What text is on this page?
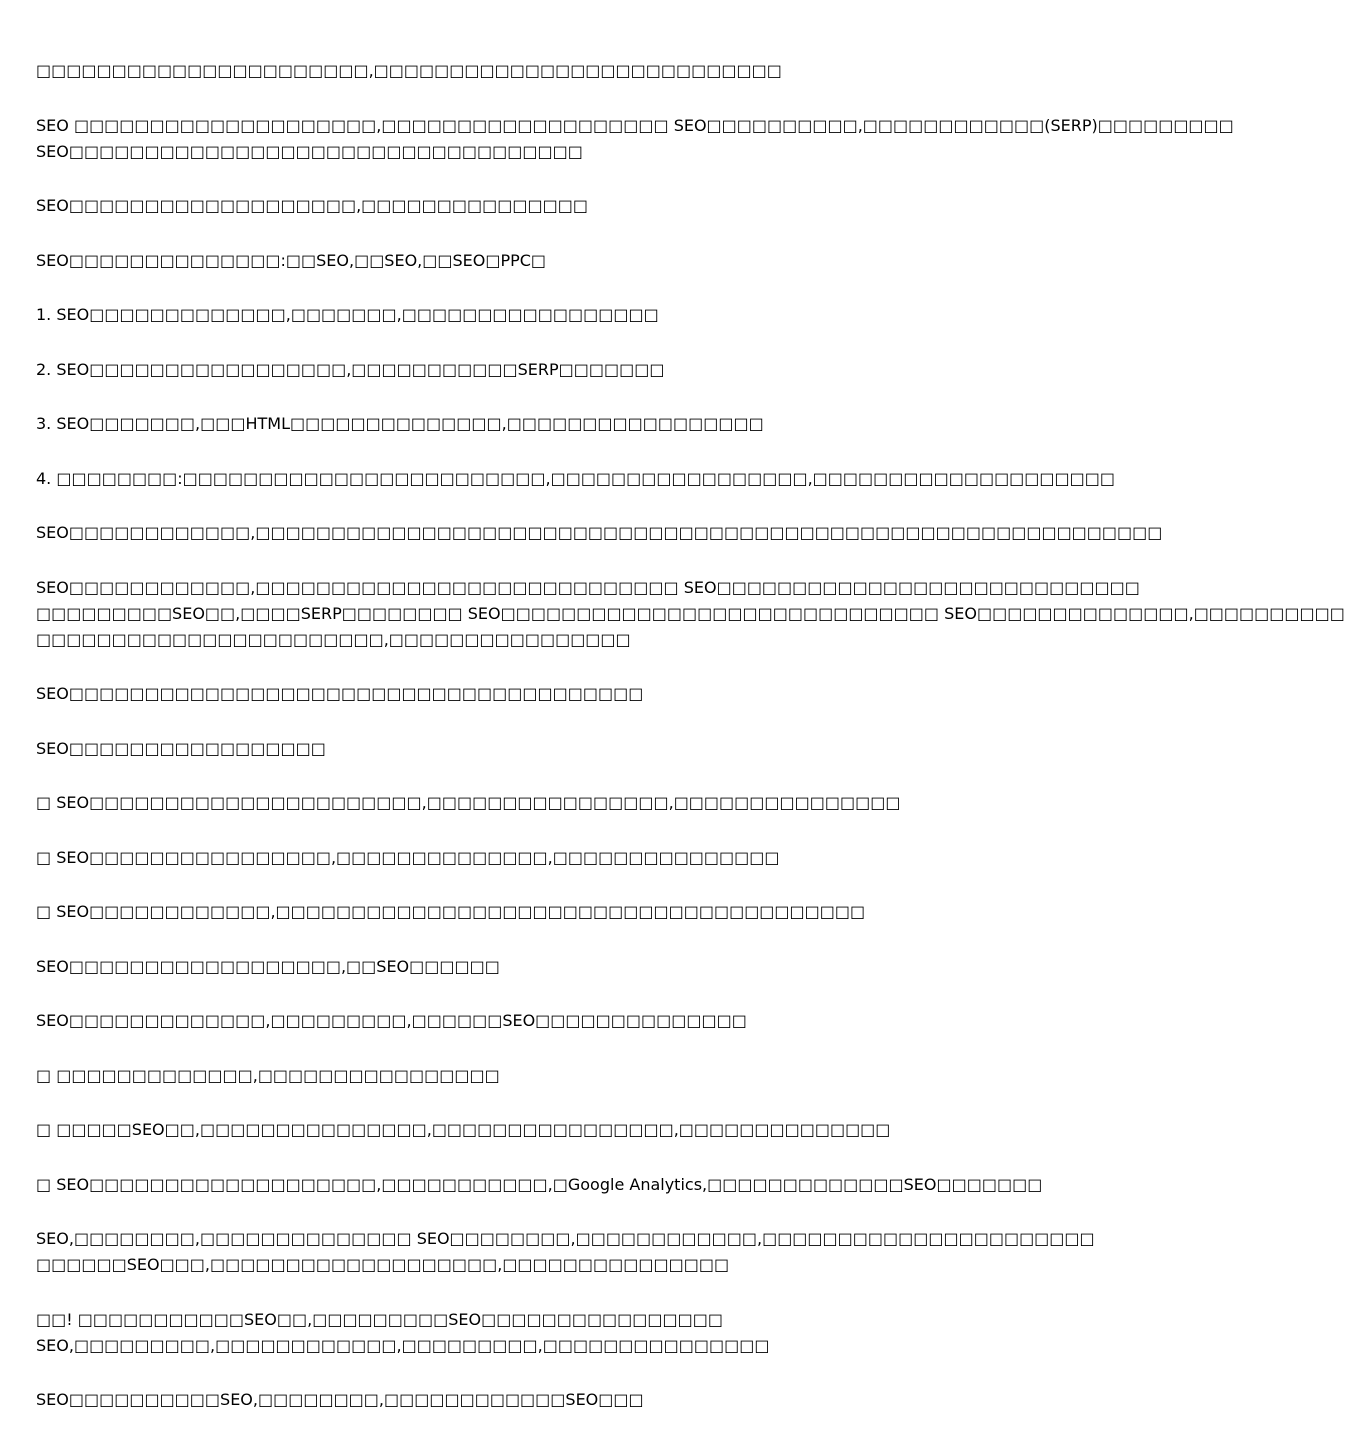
□□□□□□□□□□□□□□□□□□□□□□,□□□□□□□□□□□□□□□□□□□□□□□□□□□
SEO □□□□□□□□□□□□□□□□□□□□,□□□□□□□□□□□□□□□□□□□ SEO□□□□□□□□□□,□□□□□□□□□□□□(SERP)□□□□□□□□□
SEO□□□□□□□□□□□□□□□□□□□□□□□□□□□□□□□□□□
SEO□□□□□□□□□□□□□□□□□□□,□□□□□□□□□□□□□□□
SEO□□□□□□□□□□□□□□:□□SEO,□□SEO,□□SEO□PPC□
1. SEO□□□□□□□□□□□□□,□□□□□□□,□□□□□□□□□□□□□□□□□
2. SEO□□□□□□□□□□□□□□□□□,□□□□□□□□□□□SERP□□□□□□□
3. SEO□□□□□□□,□□□HTML□□□□□□□□□□□□□□,□□□□□□□□□□□□□□□□□
4. □□□□□□□□:□□□□□□□□□□□□□□□□□□□□□□□□,□□□□□□□□□□□□□□□□□,□□□□□□□□□□□□□□□□□□□□
SEO□□□□□□□□□□□□,□□□□□□□□□□□□□□□□□□□□□□□□□□□□□□□□□□□□□□□□□□□□□□□□□□□□□□□□□□□□
SEO□□□□□□□□□□□□,□□□□□□□□□□□□□□□□□□□□□□□□□□□□ SEO□□□□□□□□□□□□□□□□□□□□□□□□□□□□
□□□□□□□□□SEO□□,□□□□SERP□□□□□□□□ SEO□□□□□□□□□□□□□□□□□□□□□□□□□□□□□ SEO□□□□□□□□□□□□□□,□□□□□□□□□□
□□□□□□□□□□□□□□□□□□□□□□□,□□□□□□□□□□□□□□□□
SEO□□□□□□□□□□□□□□□□□□□□□□□□□□□□□□□□□□□□□□
SEO□□□□□□□□□□□□□□□□□
□ SEO□□□□□□□□□□□□□□□□□□□□□□,□□□□□□□□□□□□□□□□,□□□□□□□□□□□□□□□
□ SEO□□□□□□□□□□□□□□□□,□□□□□□□□□□□□□□,□□□□□□□□□□□□□□□
□ SEO□□□□□□□□□□□□,□□□□□□□□□□□□□□□□□□□□□□□□□□□□□□□□□□□□□□□
SEO□□□□□□□□□□□□□□□□□□,□□SEO□□□□□□
SEO□□□□□□□□□□□□□,□□□□□□□□□,□□□□□□SEO□□□□□□□□□□□□□□
□ □□□□□□□□□□□□□,□□□□□□□□□□□□□□□□
□ □□□□□SEO□□,□□□□□□□□□□□□□□□,□□□□□□□□□□□□□□□□,□□□□□□□□□□□□□□
□ SEO□□□□□□□□□□□□□□□□□□□,□□□□□□□□□□□,□Google Analytics,□□□□□□□□□□□□□SEO□□□□□□□
SEO,□□□□□□□□,□□□□□□□□□□□□□□ SEO□□□□□□□□,□□□□□□□□□□□□,□□□□□□□□□□□□□□□□□□□□□□
□□□□□□SEO□□□,□□□□□□□□□□□□□□□□□□□,□□□□□□□□□□□□□□□
□□! □□□□□□□□□□□SEO□□,□□□□□□□□□SEO□□□□□□□□□□□□□□□□
SEO,□□□□□□□□□,□□□□□□□□□□□□,□□□□□□□□□,□□□□□□□□□□□□□□□
SEO□□□□□□□□□□SEO,□□□□□□□□,□□□□□□□□□□□□SEO□□□
